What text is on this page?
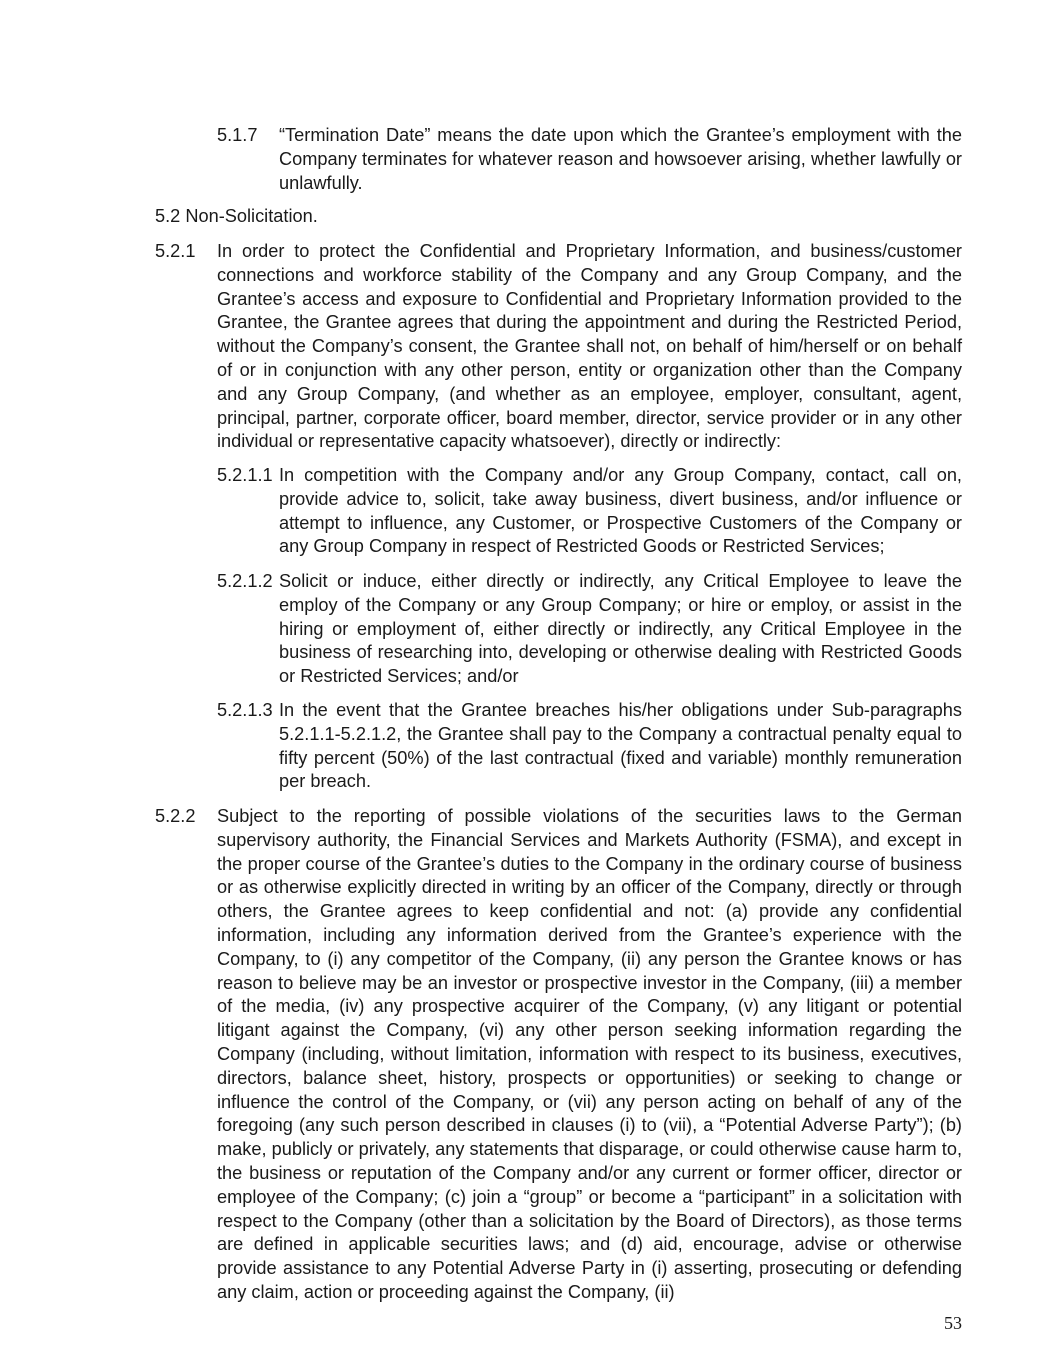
5.1.7 “Termination Date” means the date upon which the Grantee’s employment with the Company terminates for whatever reason and howsoever arising, whether lawfully or unlawfully.

5.2 Non-Solicitation.
5.2.1 In order to protect the Confidential and Proprietary Information, and business/customer connections and workforce stability of the Company and any Group Company, and the Grantee’s access and exposure to Confidential and Proprietary Information provided to the Grantee, the Grantee agrees that during the appointment and during the Restricted Period, without the Company’s consent, the Grantee shall not, on behalf of him/herself or on behalf of or in conjunction with any other person, entity or organization other than the Company and any Group Company, (and whether as an employee, employer, consultant, agent, principal, partner, corporate officer, board member, director, service provider or in any other individual or representative capacity whatsoever), directly or indirectly:

5.2.1.1 In competition with the Company and/or any Group Company, contact, call on, provide advice to, solicit, take away business, divert business, and/or influence or attempt to influence, any Customer, or Prospective Customers of the Company or any Group Company in respect of Restricted Goods or Restricted Services;

5.2.1.2 Solicit or induce, either directly or indirectly, any Critical Employee to leave the employ of the Company or any Group Company; or hire or employ, or assist in the hiring or employment of, either directly or indirectly, any Critical Employee in the business of researching into, developing or otherwise dealing with Restricted Goods or Restricted Services; and/or

5.2.1.3 In the event that the Grantee breaches his/her obligations under Sub-paragraphs 5.2.1.1-5.2.1.2, the Grantee shall pay to the Company a contractual penalty equal to fifty percent (50%) of the last contractual (fixed and variable) monthly remuneration per breach.

5.2.2 Subject to the reporting of possible violations of the securities laws to the German supervisory authority, the Financial Services and Markets Authority (FSMA), and except in the proper course of the Grantee’s duties to the Company in the ordinary course of business or as otherwise explicitly directed in writing by an officer of the Company, directly or through others, the Grantee agrees to keep confidential and not: (a) provide any confidential information, including any information derived from the Grantee’s experience with the Company, to (i) any competitor of the Company, (ii) any person the Grantee knows or has reason to believe may be an investor or prospective investor in the Company, (iii) a member of the media, (iv) any prospective acquirer of the Company, (v) any litigant or potential litigant against the Company, (vi) any other person seeking information regarding the Company (including, without limitation, information with respect to its business, executives, directors, balance sheet, history, prospects or opportunities) or seeking to change or influence the control of the Company, or (vii) any person acting on behalf of any of the foregoing (any such person described in clauses (i) to (vii), a “Potential Adverse Party”); (b) make, publicly or privately, any statements that disparage, or could otherwise cause harm to, the business or reputation of the Company and/or any current or former officer, director or employee of the Company; (c) join a “group” or become a “participant” in a solicitation with respect to the Company (other than a solicitation by the Board of Directors), as those terms are defined in applicable securities laws; and (d) aid, encourage, advise or otherwise provide assistance to any Potential Adverse Party in (i) asserting, prosecuting or defending any claim, action or proceeding against the Company, (ii)

53
